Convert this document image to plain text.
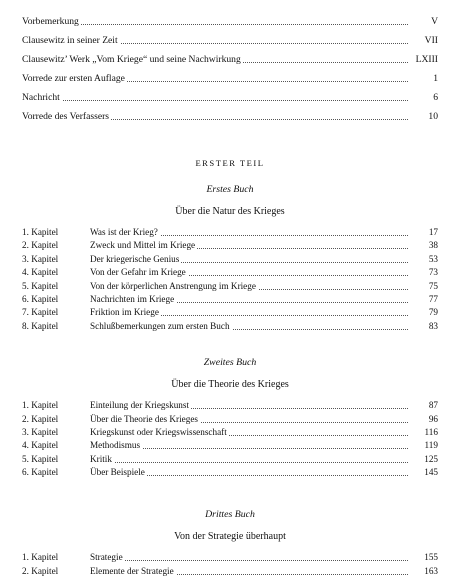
Vorbemerkung	V
Clausewitz in seiner Zeit	VII
Clausewitz’ Werk „Vom Kriege“ und seine Nachwirkung	LXIII
Vorrede zur ersten Auflage	1
Nachricht	6
Vorrede des Verfassers	10
ERSTER TEIL
Erstes Buch
Über die Natur des Krieges
1. Kapitel	Was ist der Krieg?	17
2. Kapitel	Zweck und Mittel im Kriege	38
3. Kapitel	Der kriegerische Genius	53
4. Kapitel	Von der Gefahr im Kriege	73
5. Kapitel	Von der körperlichen Anstrengung im Kriege	75
6. Kapitel	Nachrichten im Kriege	77
7. Kapitel	Friktion im Kriege	79
8. Kapitel	Schlußbemerkungen zum ersten Buch	83
Zweites Buch
Über die Theorie des Krieges
1. Kapitel	Einteilung der Kriegskunst	87
2. Kapitel	Über die Theorie des Krieges	96
3. Kapitel	Kriegskunst oder Kriegswissenschaft	116
4. Kapitel	Methodismus	119
5. Kapitel	Kritik	125
6. Kapitel	Über Beispiele	145
Drittes Buch
Von der Strategie überhaupt
1. Kapitel	Strategie	155
2. Kapitel	Elemente der Strategie	163
